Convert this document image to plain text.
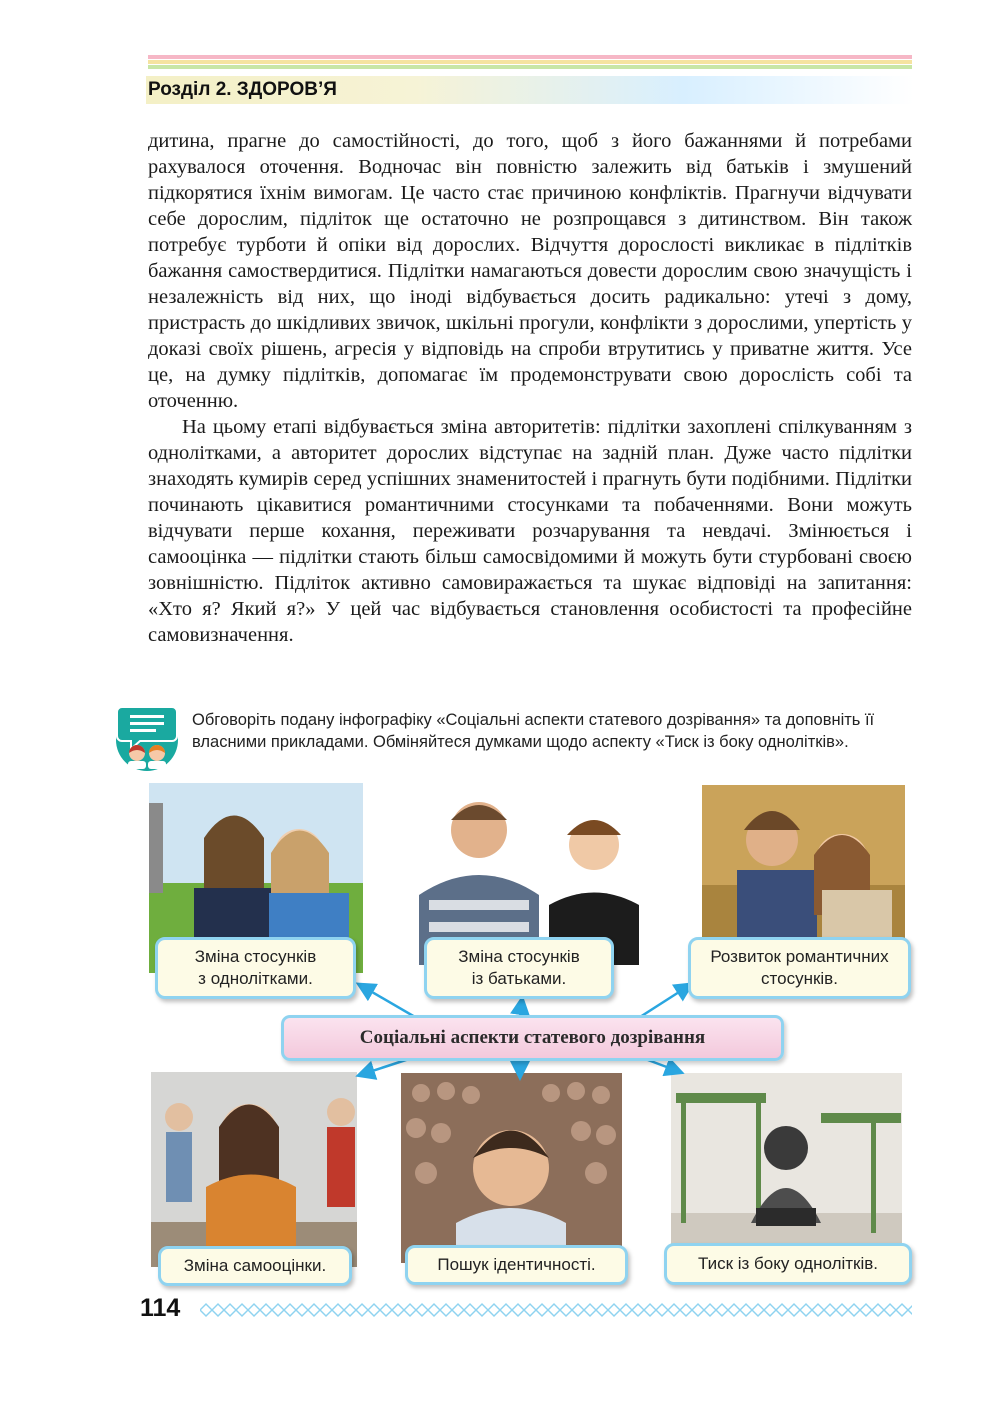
Розділ 2. ЗДОРОВ’Я

дитина, прагне до самостійності, до того, щоб з його бажаннями й потребами рахувалося оточення. Водночас він повністю залежить від батьків і змушений підкорятися їхнім вимогам. Це часто стає причиною конфліктів. Прагнучи відчувати себе дорослим, підліток ще остаточно не розпрощався з дитинством. Він також потребує турботи й опіки від дорослих. Відчуття дорослості викликає в підлітків бажання самоствердитися. Підлітки намагаються довести дорослим свою значущість і незалежність від них, що іноді відбувається досить радикально: утечі з дому, пристрасть до шкідливих звичок, шкільні прогули, конфлікти з дорослими, упертість у доказі своїх рішень, агресія у відповідь на спроби втрутитись у приватне життя. Усе це, на думку підлітків, допомагає їм продемонструвати свою дорослість собі та оточенню.

На цьому етапі відбувається зміна авторитетів: підлітки захоплені спілкуванням з однолітками, а авторитет дорослих відступає на задній план. Дуже часто підлітки знаходять кумирів серед успішних знаменитостей і прагнуть бути подібними. Підлітки починають цікавитися романтичними стосунками та побаченнями. Вони можуть відчувати перше кохання, переживати розчарування та невдачі. Змінюється і самооцінка — підлітки стають більш самосвідомими й можуть бути стурбовані своєю зовнішністю. Підліток активно самовиражається та шукає відповіді на запитання: «Хто я? Який я?» У цей час відбувається становлення особистості та професійне самовизначення.

Обговоріть подану інфографіку «Соціальні аспекти статевого дозрівання» та доповніть її власними прикладами. Обміняйтеся думками щодо аспекту «Тиск із боку однолітків».
Зміна стосунків
з однолітками.
Зміна стосунків
із батьками.
Розвиток романтичних
стосунків.
Соціальні аспекти статевого дозрівання
Зміна самооцінки.	Пошук ідентичності.	Тиск із боку однолітків.
114
